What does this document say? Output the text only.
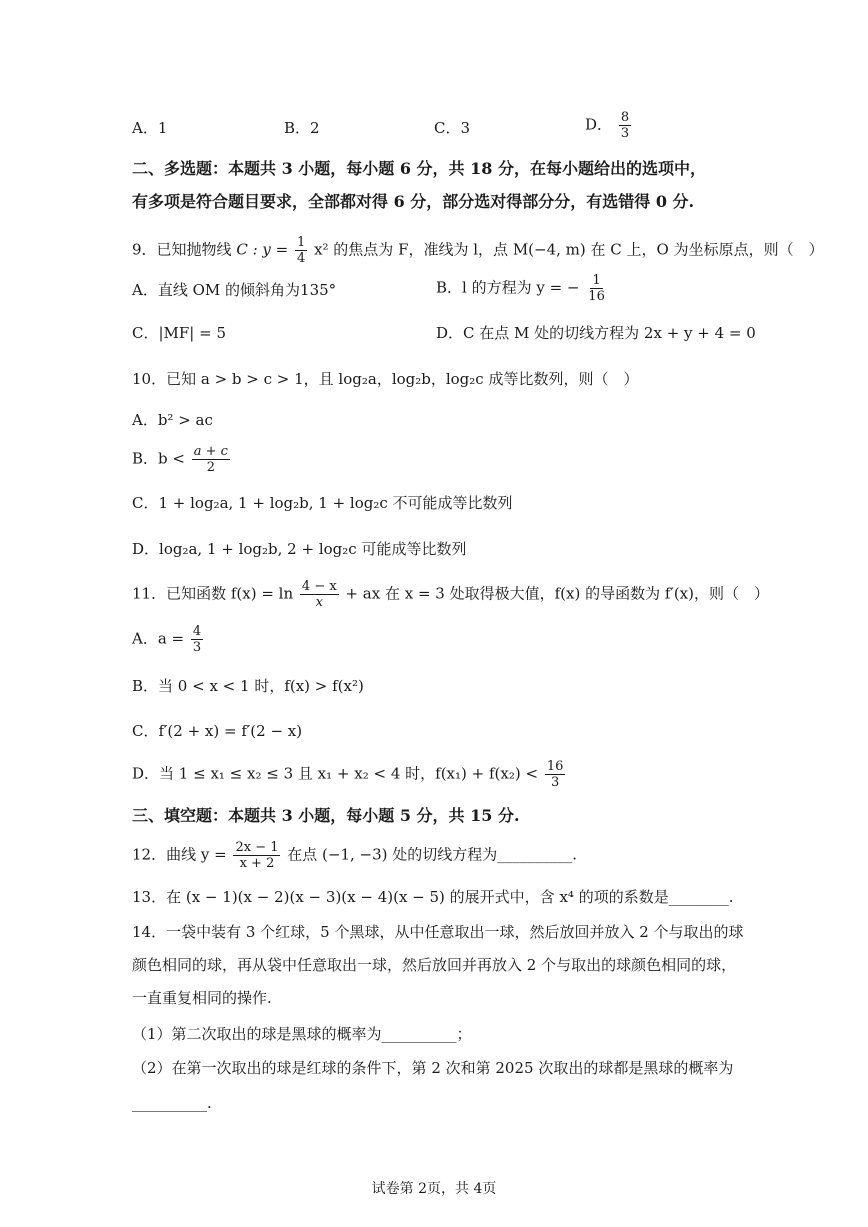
A．1	B．2	C．3	D． $\frac{8}{3}$
二、多选题：本题共 3 小题，每小题 6 分，共 18 分，在每小题给出的选项中，
有多项是符合题目要求，全部都对得 6 分，部分选对得部分分，有选错得 0 分.
9．已知抛物线 C : $y = \frac{1}{4} x^2$ 的焦点为 F，准线为 l，点 M(−4, m) 在 C 上，O 为坐标原点，则（　）
A．直线 OM 的倾斜角为135°	B．l 的方程为 y = − $\frac{1}{16}$
C．|MF| = 5	D．C 在点 M 处的切线方程为 2x + y + 4 = 0
10．已知 a > b > c > 1，且 log₂a，log₂b，log₂c 成等比数列，则（　）
A．b² > ac
B．$b < \frac{a + c}{2}$
C．1 + log₂a, 1 + log₂b, 1 + log₂c 不可能成等比数列
D．log₂a, 1 + log₂b, 2 + log₂c 可能成等比数列
11．已知函数 $f(x) = \ln \frac{4 - x}{x}$ + ax 在 x = 3 处取得极大值，f(x) 的导函数为 f′(x)，则（　）
A．$a = \frac{4}{3}$
B．当 0 < x < 1 时，f(x) > f(x²)
C．f′(2 + x) = f′(2 − x)
D．当 1 ≤ x₁ ≤ x₂ ≤ 3 且 x₁ + x₂ < 4 时，$f(x_1) + f(x_2) < \frac{16}{3}$
三、填空题：本题共 3 小题，每小题 5 分，共 15 分.
12．曲线 $y = \frac{2x - 1}{x + 2}$ 在点 (−1, −3) 处的切线方程为__________.
13．在 (x − 1)(x − 2)(x − 3)(x − 4)(x − 5) 的展开式中，含 x⁴ 的项的系数是________.
14．一袋中装有 3 个红球，5 个黑球，从中任意取出一球，然后放回并放入 2 个与取出的球
颜色相同的球，再从袋中任意取出一球，然后放回并再放入 2 个与取出的球颜色相同的球，
一直重复相同的操作.
（1）第二次取出的球是黑球的概率为__________；
（2）在第一次取出的球是红球的条件下，第 2 次和第 2025 次取出的球都是黑球的概率为
__________.
试卷第 2页，共 4页
